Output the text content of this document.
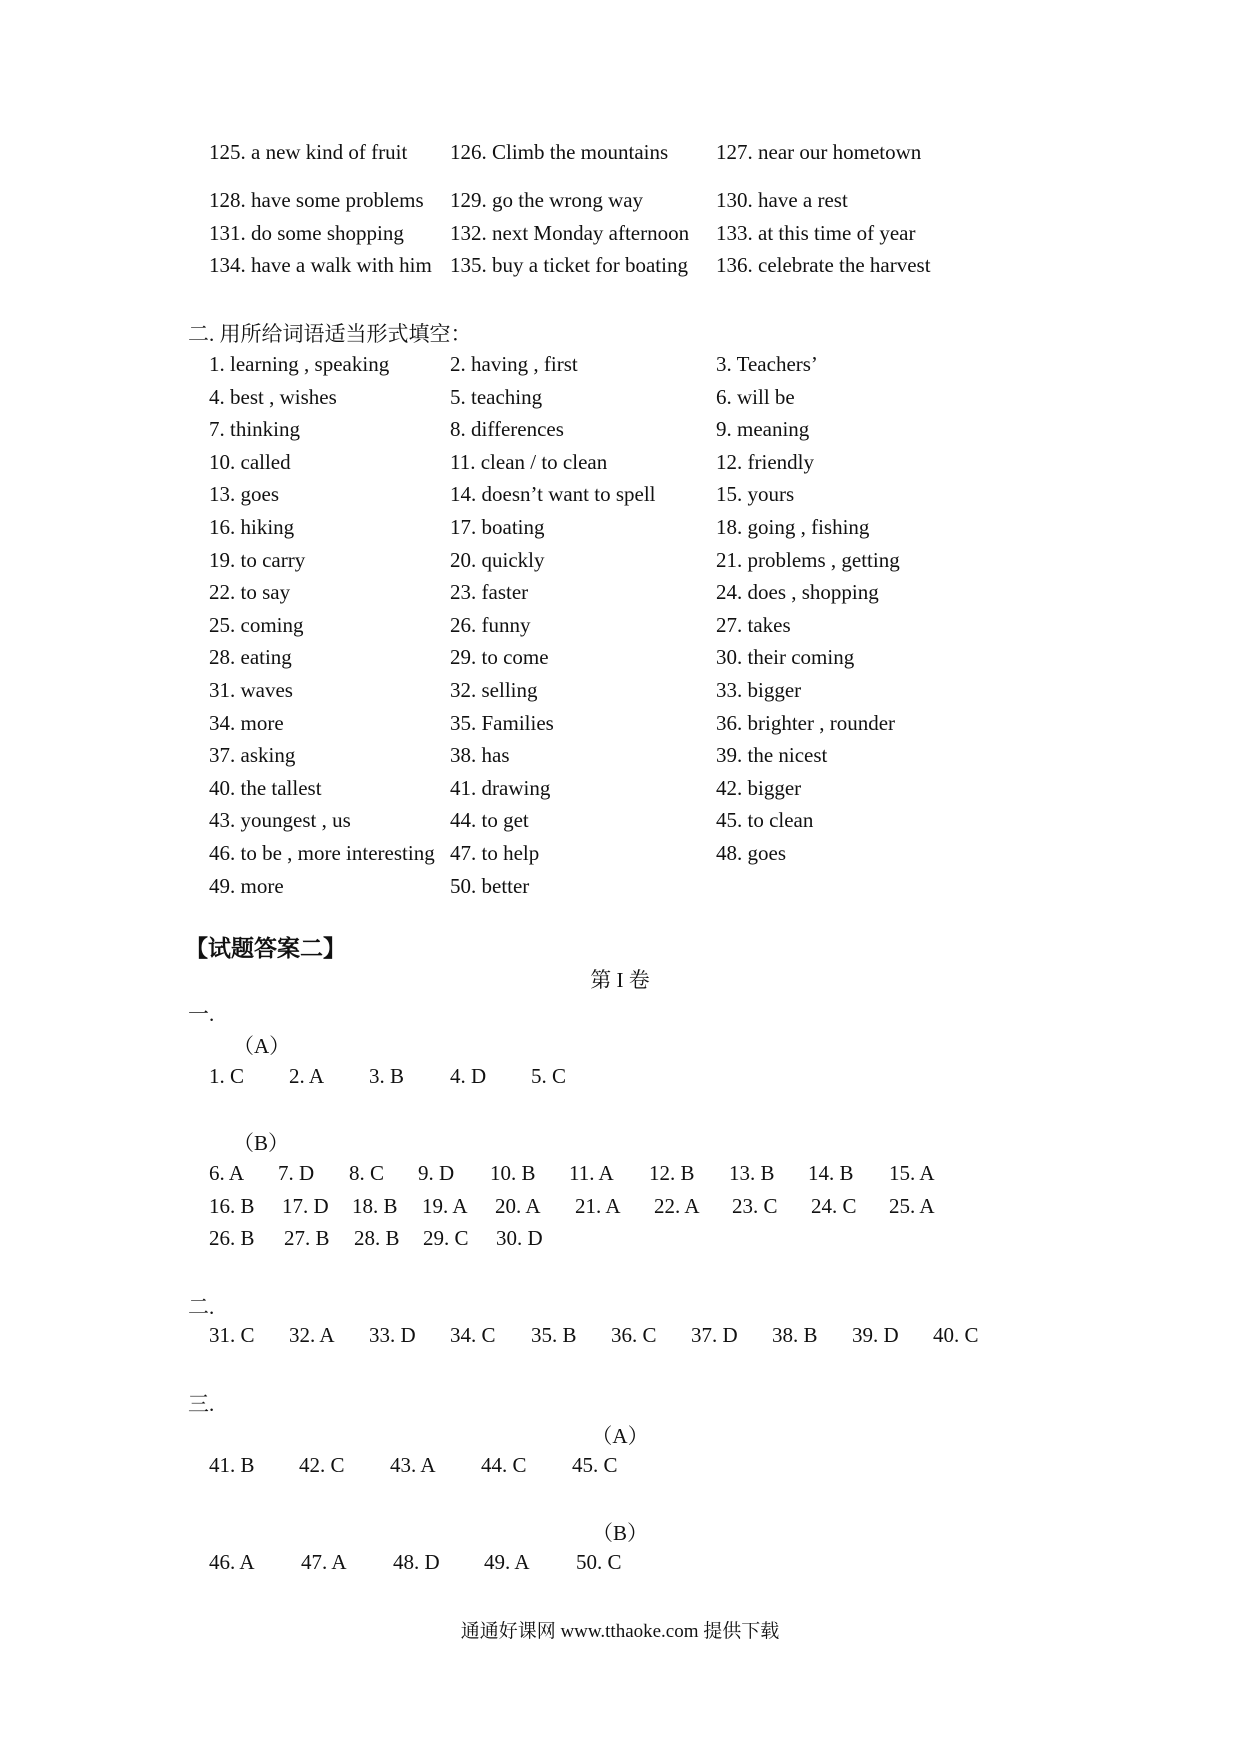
125. a new kind of fruit 126. Climb the mountains 127. near our hometown
128. have some problems 129. go the wrong way	130. have a rest
131. do some shopping 132. next Monday afternoon 133. at this time of year
134. have a walk with him 135. buy a ticket for boating 136. celebrate the harvest
二. 用所给词语适当形式填空：
1. learning , speaking	2. having , first	3. Teachers’
4. best , wishes	5. teaching	6. will be
7. thinking	8. differences	9. meaning
10. called	11. clean / to clean	12. friendly
13. goes	14. doesn’t want to spell	15. yours
16. hiking	17. boating	18. going , fishing
19. to carry	20. quickly	21. problems , getting
22. to say	23. faster	24. does , shopping
25. coming	26. funny	27. takes
28. eating	29. to come	30. their coming
31. waves	32. selling	33. bigger
34. more	35. Families	36. brighter , rounder
37. asking	38. has	39. the nicest
40. the tallest	41. drawing	42. bigger
43. youngest , us	44. to get	45. to clean
46. to be , more interesting 47. to help	48. goes
49. more	50. better
【试题答案二】
第 I 卷
一.
（A）
1. C 2. A 3. B 4. D 5. C
（B）
6. A 7. D 8. C 9. D 10. B 11. A 12. B 13. B 14. B 15. A
16. B 17. D 18. B 19. A 20. A 21. A 22. A 23. C 24. C 25. A
26. B 27. B 28. B 29. C 30. D
二.
31. C 32. A 33. D 34. C 35. B 36. C 37. D 38. B 39. D 40. C
三.
（A）
41. B 42. C 43. A 44. C 45. C
（B）
46. A 47. A 48. D 49. A 50. C
通通好课网 www.tthaoke.com 提供下载
